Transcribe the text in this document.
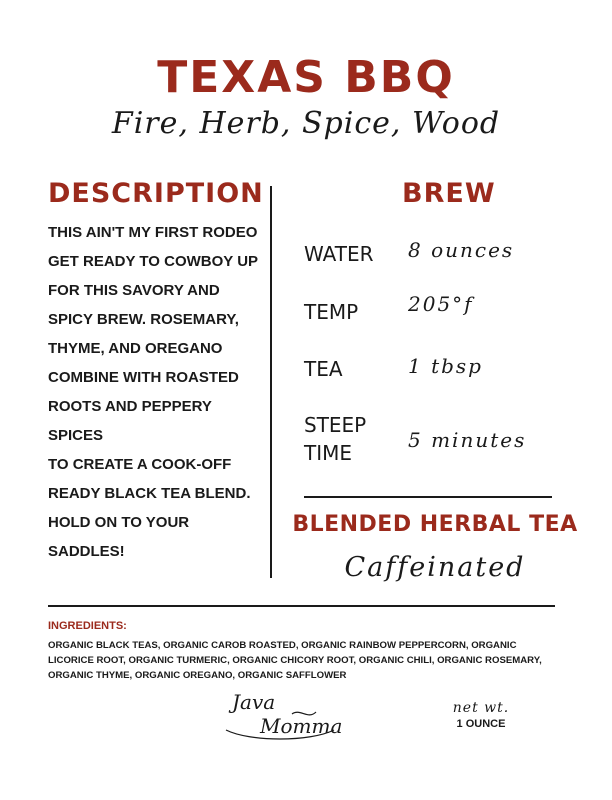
TEXAS BBQ
Fire, Herb, Spice, Wood
DESCRIPTION
THIS AIN'T MY FIRST RODEO
GET READY TO COWBOY UP
FOR THIS SAVORY AND
SPICY BREW. ROSEMARY,
THYME, AND OREGANO
COMBINE WITH ROASTED
ROOTS AND PEPPERY SPICES
TO CREATE A COOK-OFF
READY BLACK TEA BLEND.
HOLD ON TO YOUR SADDLES!
BREW
WATER 8 ounces
TEMP 205°f
TEA	1 tbsp
STEEP
TIME
5 minutes
BLENDED HERBAL TEA
Caffeinated
INGREDIENTS:
ORGANIC BLACK TEAS, ORGANIC CAROB ROASTED, ORGANIC RAINBOW PEPPERCORN, ORGANIC LICORICE ROOT, ORGANIC TURMERIC, ORGANIC CHICORY ROOT, ORGANIC CHILI, ORGANIC ROSEMARY, ORGANIC THYME, ORGANIC OREGANO, ORGANIC SAFFLOWER
Java
Momma
net wt.
1 OUNCE
